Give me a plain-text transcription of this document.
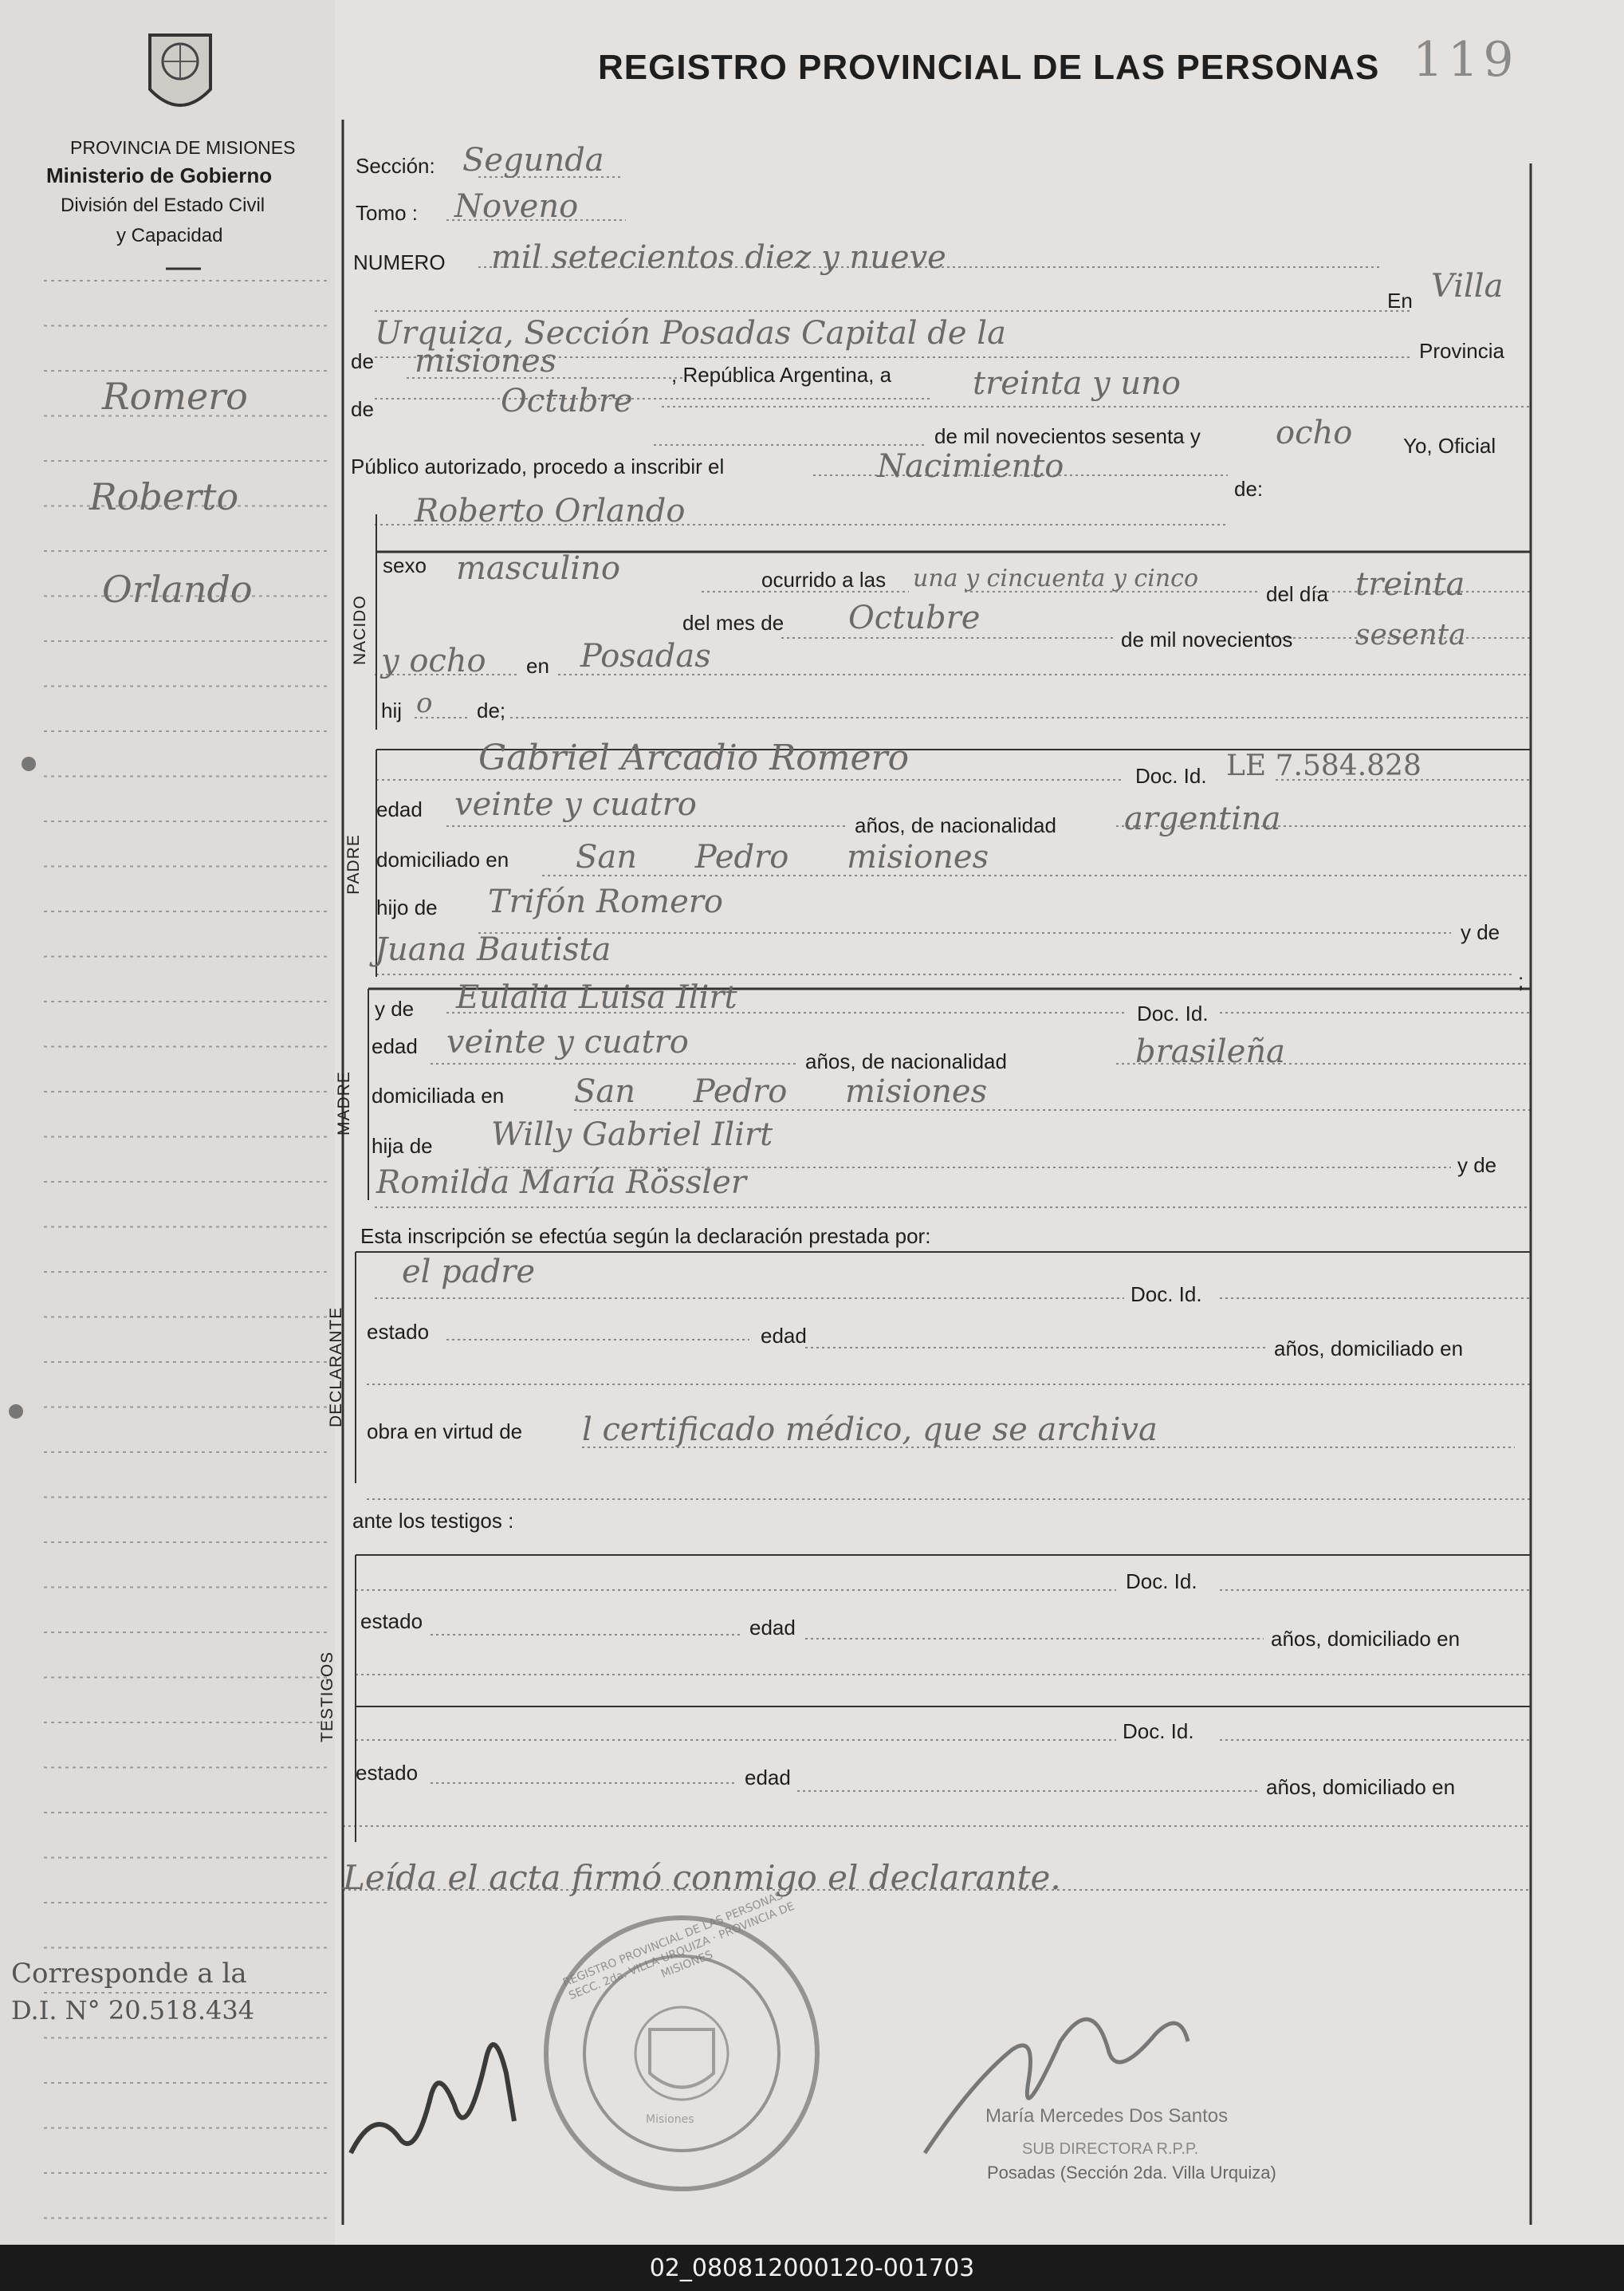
119
PROVINCIA DE MISIONES
Ministerio de Gobierno
División del Estado Civil
y Capacidad
REGISTRO PROVINCIAL DE LAS PERSONAS
Romero
Roberto
Orlando
Corresponde a la
D.I. N° 20.518.434
Sección: Segunda
Tomo : Noveno
NUMERO mil setecientos diez y nueve
En Villa
Urquiza, Sección Posadas Capital de la	Provincia
de misiones	, República Argentina, a	treinta y uno
de	Octubre
de mil novecientos sesenta y ocho Yo, Oficial
Público autorizado, procedo a inscribir el	Nacimiento
de:
Roberto Orlando
NACIDO
sexo masculino	ocurrido a las una y cincuenta y cinco
del día treinta
del mes de Octubre
de mil novecientos sesenta
y ocho en Posadas
hij o de;
PADRE
Gabriel Arcadio Romero	Doc. Id. LE 7.584.828
edad veinte y cuatro
años, de nacionalidad argentina
domiciliado en San Pedro misiones
hijo de Trifón Romero
y de
Juana Bautista
;
MADRE
y de Eulalia Luisa Ilirt	Doc. Id.
edad veinte y cuatro
años, de nacionalidad	brasileña
domiciliada en San Pedro misiones
hija de Willy Gabriel Ilirt
y de
Romilda María Rössler
Esta inscripción se efectúa según la declaración prestada por:
DECLARANTE
el padre
Doc. Id.
estado	edad
años, domiciliado en
obra en virtud de l certificado médico, que se archiva
ante los testigos :
TESTIGOS
Doc. Id.
estado	edad	años, domiciliado en
Doc. Id.
estado	edad	años, domiciliado en
Leída el acta firmó conmigo el declarante.
REGISTRO PROVINCIAL DE LAS PERSONAS · SECC. 2da. VILLA URQUIZA · PROVINCIA DE MISIONES
Misiones	María Mercedes Dos Santos
SUB DIRECTORA R.P.P.
Posadas (Sección 2da. Villa Urquiza)
02_080812000120-001703
